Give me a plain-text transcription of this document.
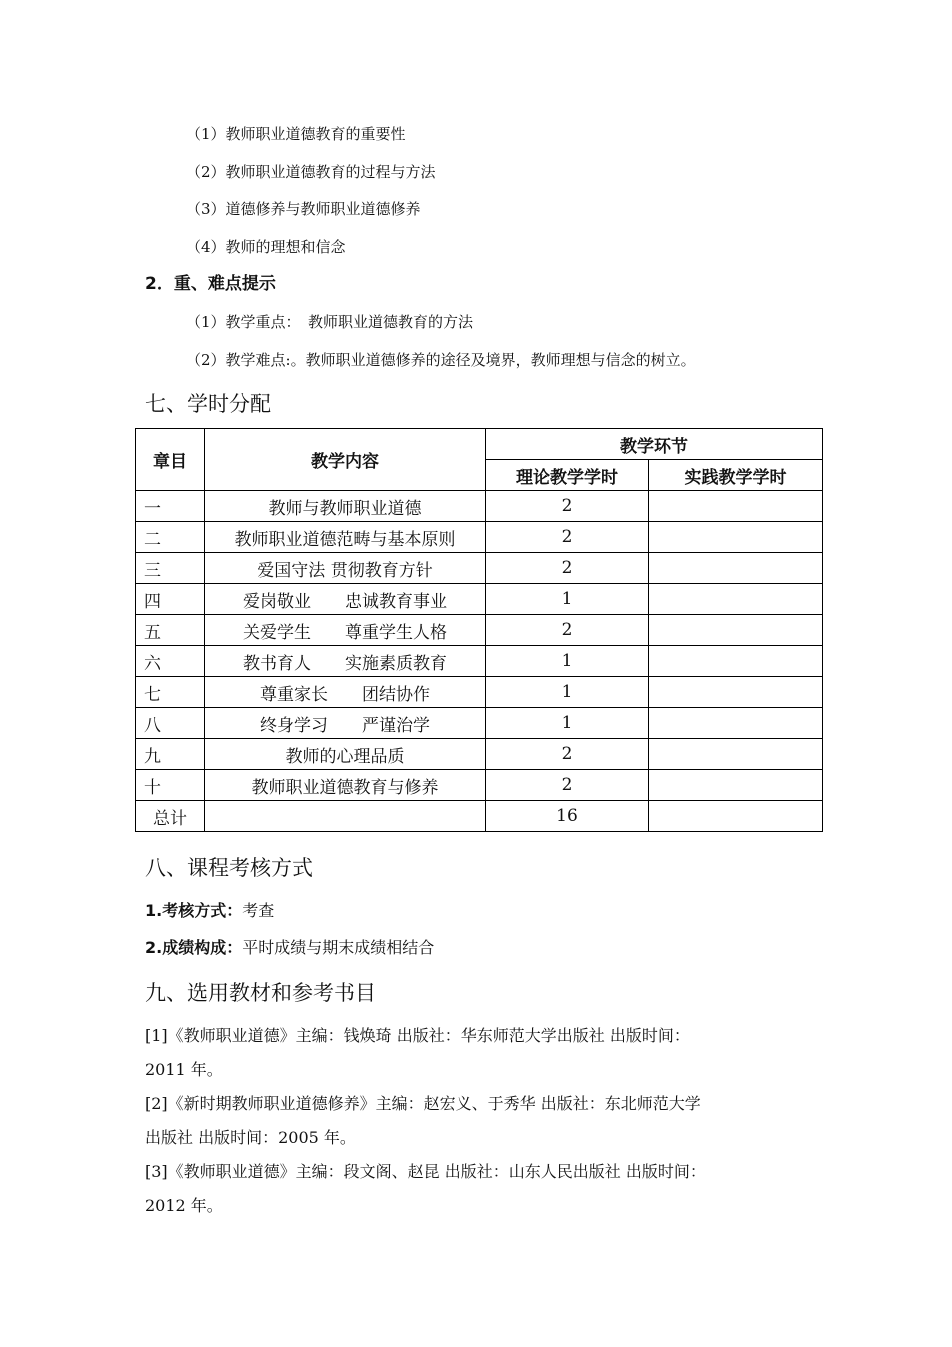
（1）教师职业道德教育的重要性
（2）教师职业道德教育的过程与方法
（3）道德修养与教师职业道德修养
（4）教师的理想和信念
2．重、难点提示
（1）教学重点：　教师职业道德教育的方法
（2）教学难点:。教师职业道德修养的途径及境界，教师理想与信念的树立。
七、学时分配
章目	教学内容	教学环节	
		理论教学学时	实践教学学时
一	教师与教师职业道德	2	
二	教师职业道德范畴与基本原则	2	
三	爱国守法 贯彻教育方针	2	
四	爱岗敬业　　忠诚教育事业	1	
五	关爱学生　　尊重学生人格	2	
六	教书育人　　实施素质教育	1	
七	尊重家长　　团结协作	1	
八	终身学习　　严谨治学	1	
九	教师的心理品质	2	
十	教师职业道德教育与修养	2	
总计		16	
八、课程考核方式
1.考核方式：考查
2.成绩构成：平时成绩与期末成绩相结合
九、选用教材和参考书目
[1]《教师职业道德》主编：钱焕琦 出版社：华东师范大学出版社 出版时间：
2011 年。
[2]《新时期教师职业道德修养》主编：赵宏义、于秀华 出版社：东北师范大学
出版社 出版时间：2005 年。
[3]《教师职业道德》主编：段文阁、赵昆 出版社：山东人民出版社 出版时间：
2012 年。
